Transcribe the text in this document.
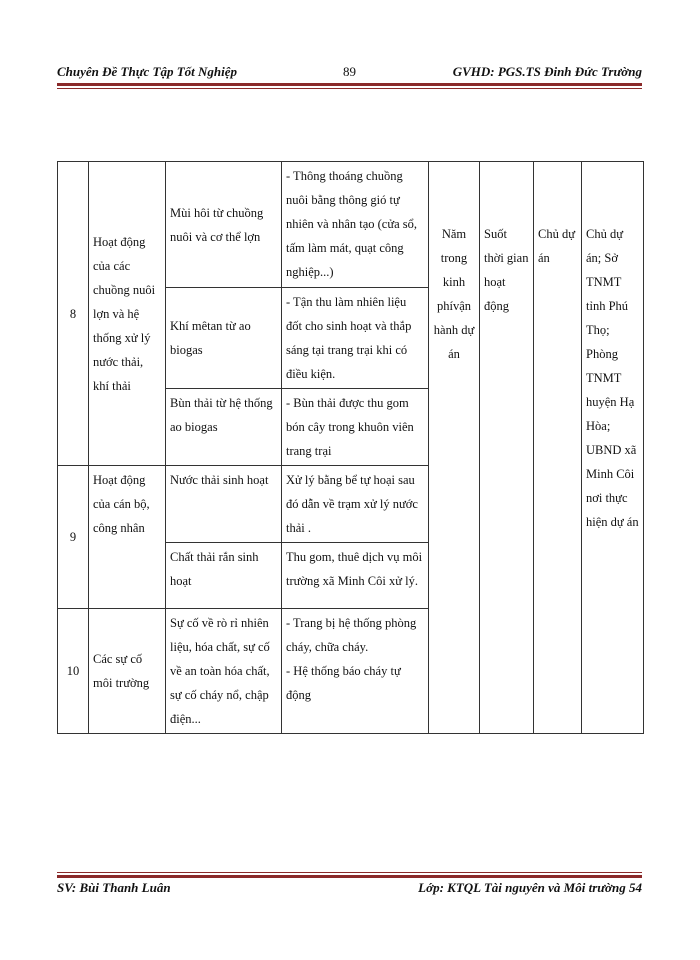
Chuyên Đề Thực Tập Tốt Nghiệp	89	GVHD: PGS.TS Đinh Đức Trường
8	Hoạt động của các chuồng nuôi lợn và hệ thống xử lý nước thải, khí thải	Mùi hôi từ chuồng nuôi và cơ thể lợn	- Thông thoáng chuồng nuôi bằng thông gió tự nhiên và nhân tạo (cửa sổ, tấm làm mát, quạt công nghiệp...)	Năm trong kinh phívận hành dự án	Suốt thời gian hoạt động	Chủ dự án	Chủ dự án; Sở TNMT tỉnh Phú Thọ; Phòng TNMT huyện Hạ Hòa; UBND xã Minh Côi nơi thực hiện dự án
		Khí mêtan từ ao biogas	- Tận thu làm nhiên liệu đốt cho sinh hoạt và thắp sáng tại trang trại khi có điều kiện.				
		Bùn thải từ hệ thống ao biogas	- Bùn thải được thu gom bón cây trong khuôn viên trang trại				
9	Hoạt động của cán bộ, công nhân	Nước thải sinh hoạt	Xử lý bằng bể tự hoại sau đó dẫn về trạm xử lý nước thải .				
		Chất thải rắn sinh hoạt	Thu gom, thuê dịch vụ môi trường xã Minh Côi xử lý.				
10	Các sự cố môi trường	Sự cố về rò rỉ nhiên liệu, hóa chất, sự cố về an toàn hóa chất, sự cố cháy nổ, chập điện...	- Trang bị hệ thống phòng cháy, chữa cháy.
- Hệ thống báo cháy tự động				
SV: Bùi Thanh Luân	Lớp: KTQL Tài nguyên và Môi trường 54
